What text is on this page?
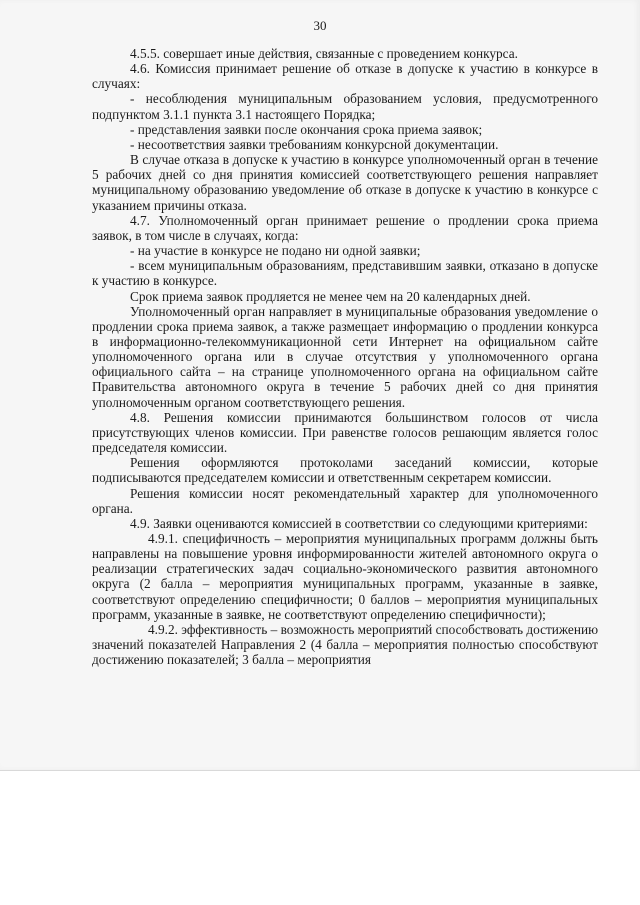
30

4.5.5. совершает иные действия, связанные с проведением конкурса.

4.6. Комиссия принимает решение об отказе в допуске к участию в конкурсе в случаях:

- несоблюдения муниципальным образованием условия, предусмотренного подпунктом 3.1.1 пункта 3.1 настоящего Порядка;

- представления заявки после окончания срока приема заявок;

- несоответствия заявки требованиям конкурсной документации.

В случае отказа в допуске к участию в конкурсе уполномоченный орган в течение 5 рабочих дней со дня принятия комиссией соответствующего решения направляет муниципальному образованию уведомление об отказе в допуске к участию в конкурсе с указанием причины отказа.

4.7. Уполномоченный орган принимает решение о продлении срока приема заявок, в том числе в случаях, когда:

- на участие в конкурсе не подано ни одной заявки;

- всем муниципальным образованиям, представившим заявки, отказано в допуске к участию в конкурсе.

Срок приема заявок продляется не менее чем на 20 календарных дней.

Уполномоченный орган направляет в муниципальные образования уведомление о продлении срока приема заявок, а также размещает информацию о продлении конкурса в информационно-телекоммуникационной сети Интернет на официальном сайте уполномоченного органа или в случае отсутствия у уполномоченного органа официального сайта – на странице уполномоченного органа на официальном сайте Правительства автономного округа в течение 5 рабочих дней со дня принятия уполномоченным органом соответствующего решения.

4.8. Решения комиссии принимаются большинством голосов от числа присутствующих членов комиссии. При равенстве голосов решающим является голос председателя комиссии.

Решения оформляются протоколами заседаний комиссии, которые подписываются председателем комиссии и ответственным секретарем комиссии.

Решения комиссии носят рекомендательный характер для уполномоченного органа.

4.9. Заявки оцениваются комиссией в соответствии со следующими критериями:

4.9.1. специфичность – мероприятия муниципальных программ должны быть направлены на повышение уровня информированности жителей автономного округа о реализации стратегических задач социально-экономического развития автономного округа (2 балла – мероприятия муниципальных программ, указанные в заявке, соответствуют определению специфичности; 0 баллов – мероприятия муниципальных программ, указанные в заявке, не соответствуют определению специфичности);

4.9.2. эффективность – возможность мероприятий способствовать достижению значений показателей Направления 2 (4 балла – мероприятия полностью способствуют достижению показателей; 3 балла – мероприятия
